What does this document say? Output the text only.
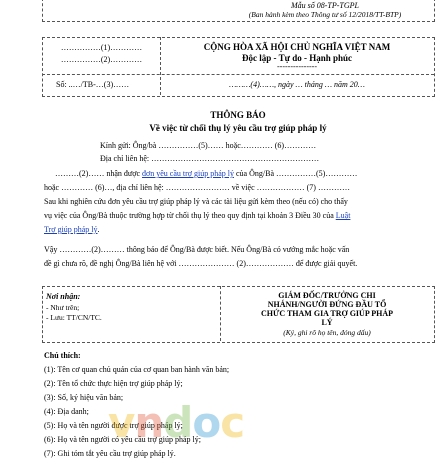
Mẫu số 08-TP-TGPL
(Ban hành kèm theo Thông tư số 12/2018/TT-BTP)
……………(1)…………
……………(2)…………
Số: ..…/TB-…(3)……
CỘNG HÒA XÃ HỘI CHỦ NGHĨA VIỆT NAM
Độc lập - Tự do - Hạnh phúc
---------------
………(4)……, ngày … tháng … năm 20…
THÔNG BÁO
Về việc từ chối thụ lý yêu cầu trợ giúp pháp lý
Kính gửi: Ông/bà ……………(5)…… hoặc………… (6)…………
Địa chỉ liên hệ: ………………………………………………………
………(2)…… nhận được đơn yêu cầu trợ giúp pháp lý của Ông/Bà ……………(5)…………
hoặc ………… (6)…, địa chỉ liên hệ: …………………… về việc ……………… (7) …………
Sau khi nghiên cứu đơn yêu cầu trợ giúp pháp lý và các tài liệu gửi kèm theo (nếu có) cho thấy
vụ việc của Ông/Bà thuộc trường hợp từ chối thụ lý theo quy định tại khoản 3 Điều 30 của Luật
Trợ giúp pháp lý.
Vậy …………(2)……… thông báo để Ông/Bà được biết. Nếu Ông/Bà có vướng mắc hoặc vấn
đề gì chưa rõ, đề nghị Ông/Bà liên hệ với ………………… (2)……………… để được giải quyết.
Nơi nhận:
- Như trên;
- Lưu: TT/CN/TC.
GIÁM ĐỐC/TRƯỞNG CHI
NHÁNH/NGƯỜI ĐỨNG ĐẦU TỔ
CHỨC THAM GIA TRỢ GIÚP PHÁP
LÝ
(Ký, ghi rõ họ tên, đóng dấu)
Chú thích:
(1): Tên cơ quan chủ quản của cơ quan ban hành văn bản;
(2): Tên tổ chức thực hiện trợ giúp pháp lý;
(3): Số, ký hiệu văn bản;
(4): Địa danh;
(5): Họ và tên người được trợ giúp pháp lý;
(6): Họ và tên người có yêu cầu trợ giúp pháp lý;
(7): Ghi tóm tắt yêu cầu trợ giúp pháp lý.
vndoc
